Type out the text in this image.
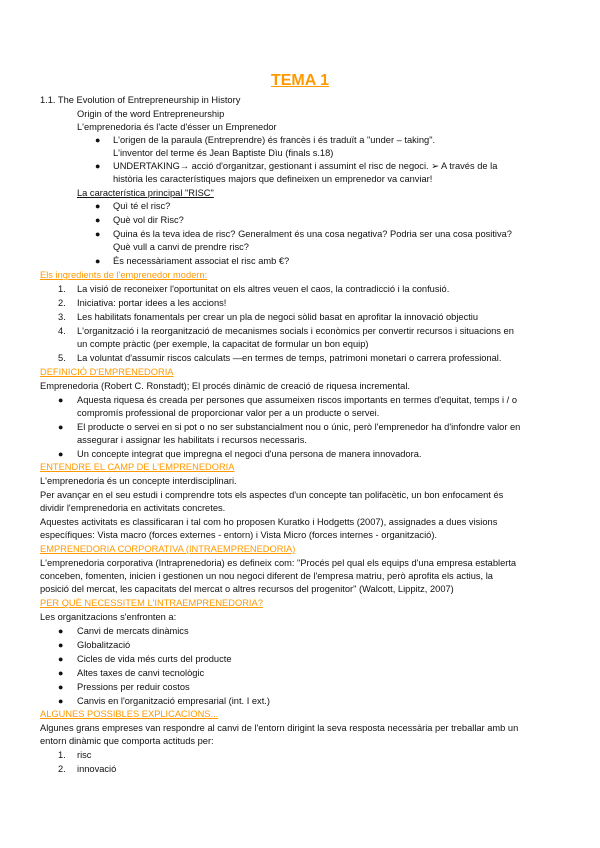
TEMA 1
1.1. The Evolution of Entrepreneurship in History
Origin of the word Entrepreneurship
L'emprenedoria és l'acte d'ésser un Emprenedor
● L'origen de la paraula (Entreprendre) és francès i és traduït a "under – taking".
L'inventor del terme és Jean Baptiste Dìu (finals s.18)
● UNDERTAKING→ acció d'organitzar, gestionant i assumint el risc de negoci. ➢ A través de la
història les característiques majors que defineixen un emprenedor va canviar!
La característica principal "RISC"
● Quì té el risc?
● Què vol dir Risc?
● Quina és la teva idea de risc? Generalment és una cosa negativa? Podria ser una cosa positiva?
Què vull a canvi de prendre risc?
● És necessàriament associat el risc amb €?
Els ingredients de l'emprenedor modern:
1. La visió de reconeixer l'oportunitat on els altres veuen el caos, la contradicció i la confusió.
2. Iniciativa: portar idees a les accions!
3. Les habilitats fonamentals per crear un pla de negoci sòlid basat en aprofitar la innovació objectiu
4. L'organització i la reorganització de mecanismes socials i econòmics per convertir recursos i situacions en
un compte pràctic (per exemple, la capacitat de formular un bon equip)
5. La voluntat d'assumir riscos calculats —en termes de temps, patrimoni monetari o carrera professional.
DEFINICIÓ D'EMPRENEDORIA
Emprenedoria (Robert C. Ronstadt); El procés dinàmic de creació de riquesa incremental.
● Aquesta riquesa és creada per persones que assumeixen riscos importants en termes d'equitat, temps i / o
compromís professional de proporcionar valor per a un producte o servei.
● El producte o servei en si pot o no ser substancialment nou o únic, però l'emprenedor ha d'infondre valor en
assegurar i assignar les habilitats i recursos necessaris.
● Un concepte integrat que impregna el negoci d'una persona de manera innovadora.
ENTENDRE EL CAMP DE L'EMPRENEDORIA
L'emprenedoria és un concepte interdisciplinari.
Per avançar en el seu estudi i comprendre tots els aspectes d'un concepte tan polifacètic, un bon enfocament és
dividir l'emprenedoria en activitats concretes.
Aquestes activitats es classificaran i tal com ho proposen Kuratko i Hodgetts (2007), assignades a dues visions
específiques: Vista macro (forces externes - entorn) i Vista Micro (forces internes - organització).
EMPRENEDORIA CORPORATIVA (INTRAEMPRENEDORIA)
L'emprenedoria corporativa (Intraprenedoria) es defineix com: "Procés pel qual els equips d'una empresa establerta
conceben, fomenten, inicien i gestionen un nou negoci diferent de l'empresa matriu, però aprofita els actius, la
posició del mercat, les capacitats del mercat o altres recursos del progenitor" (Walcott, Lippitz, 2007)
PER QUÈ NECESSITEM L'INTRAEMPRENEDORIA?
Les organitzacions s'enfronten a:
● Canvi de mercats dinàmics
● Globalització
● Cicles de vida més curts del producte
● Altes taxes de canvi tecnològic
● Pressions per reduir costos
● Canvis en l'organització empresarial (int. I ext.)
ALGUNES POSSIBLES EXPLICACIONS...
Algunes grans empreses van respondre al canvi de l'entorn dirigint la seva resposta necessària per treballar amb un
entorn dinàmic que comporta actituds per:
1. risc
2. innovació
